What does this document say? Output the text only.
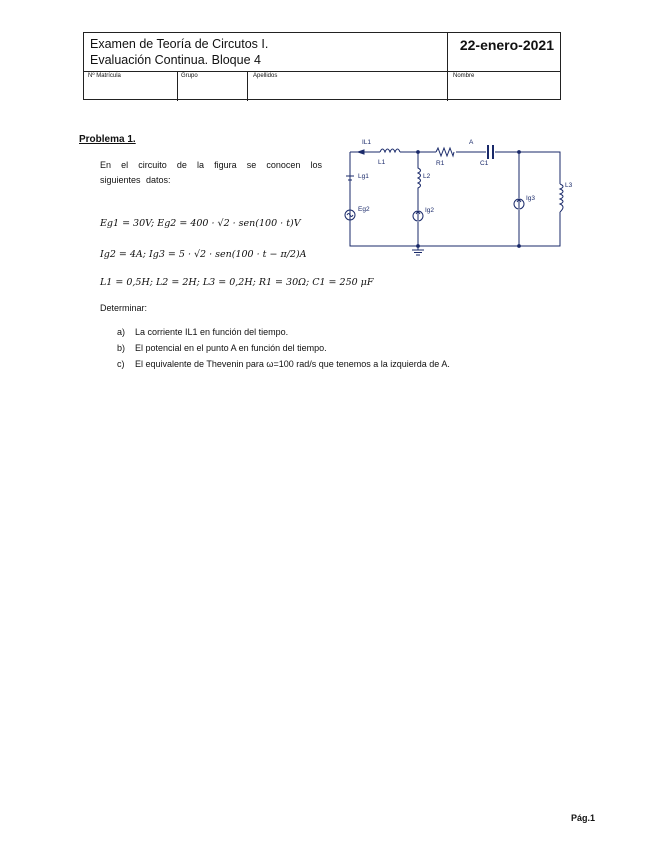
Examen de Teoría de Circutos I.
Evaluación Continua. Bloque 4
22-enero-2021
Nº Matrícula	Grupo	Apellidos	Nombre
Problema 1.
En el circuito de la figura se conocen los siguientes datos:
Eg1 = 30V; Eg2 = 400 · √2 · sen(100 · t)V
Ig2 = 4A; Ig3 = 5 · √2 · sen(100 · t − π/2)A
L1 = 0,5H; L2 = 2H; L3 = 0,2H; R1 = 30Ω; C1 = 250 μF
Determinar:
a) La corriente IL1 en función del tiempo.
b) El potencial en el punto A en función del tiempo.
c) El equivalente de Thevenin para ω=100 rad/s que tenemos a la izquierda de A.
IL1
L1	R1
A
C1
Lg1	L2
Eg2	Ig2
Ig3
L3
Pág.1
